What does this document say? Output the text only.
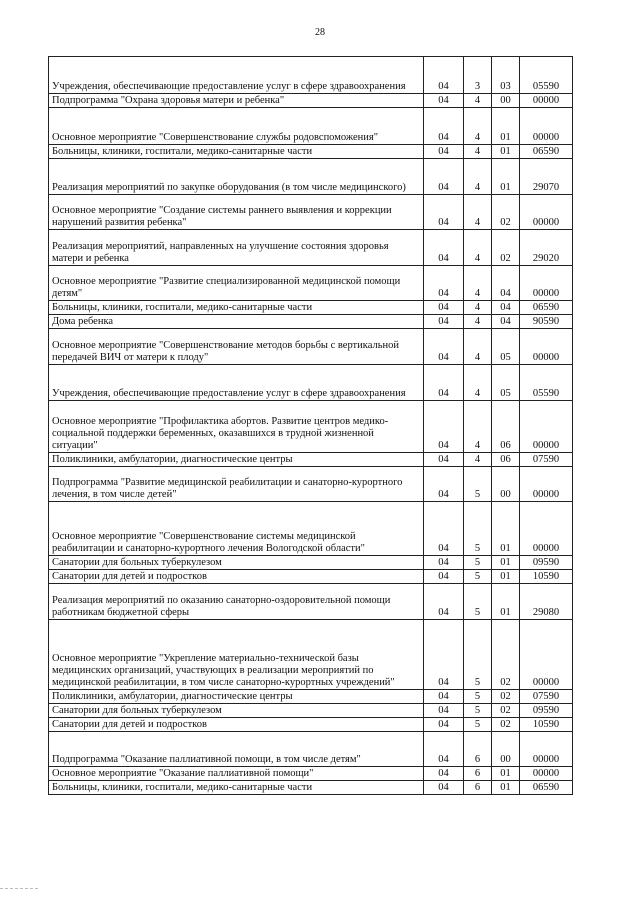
28
Учреждения, обеспечивающие предоставление услуг в сфере здравоохранения	04	3	03	05590
Подпрограмма "Охрана здоровья матери и ребенка"	04	4	00	00000
Основное мероприятие "Совершенствование службы родовспоможения"	04	4	01	00000
Больницы, клиники, госпитали, медико-санитарные части	04	4	01	06590
Реализация мероприятий по закупке оборудования (в том числе медицинского)	04	4	01	29070
Основное мероприятие "Создание системы раннего выявления и коррекции нарушений развития ребенка"	04	4	02	00000
Реализация мероприятий, направленных на улучшение состояния здоровья матери и ребенка	04	4	02	29020
Основное мероприятие "Развитие специализированной медицинской помощи детям"	04	4	04	00000
Больницы, клиники, госпитали, медико-санитарные части	04	4	04	06590
Дома ребенка	04	4	04	90590
Основное мероприятие "Совершенствование методов борьбы с вертикальной передачей ВИЧ от матери к плоду"	04	4	05	00000
Учреждения, обеспечивающие предоставление услуг в сфере здравоохранения	04	4	05	05590
Основное мероприятие "Профилактика абортов. Развитие центров медико-социальной поддержки беременных, оказавшихся в трудной жизненной ситуации"	04	4	06	00000
Поликлиники, амбулатории, диагностические центры	04	4	06	07590
Подпрограмма "Развитие медицинской реабилитации и санаторно-курортного лечения, в том числе детей"	04	5	00	00000
Основное мероприятие "Совершенствование системы медицинской реабилитации и санаторно-курортного лечения Вологодской области"	04	5	01	00000
Санатории для больных туберкулезом	04	5	01	09590
Санатории для детей и подростков	04	5	01	10590
Реализация мероприятий по оказанию санаторно-оздоровительной помощи работникам бюджетной сферы	04	5	01	29080
Основное мероприятие "Укрепление материально-технической базы медицинских организаций, участвующих в реализации мероприятий по медицинской реабилитации, в том числе санаторно-курортных учреждений"	04	5	02	00000
Поликлиники, амбулатории, диагностические центры	04	5	02	07590
Санатории для больных туберкулезом	04	5	02	09590
Санатории для детей и подростков	04	5	02	10590
Подпрограмма "Оказание паллиативной помощи, в том числе детям"	04	6	00	00000
Основное мероприятие "Оказание паллиативной помощи"	04	6	01	00000
Больницы, клиники, госпитали, медико-санитарные части	04	6	01	06590
